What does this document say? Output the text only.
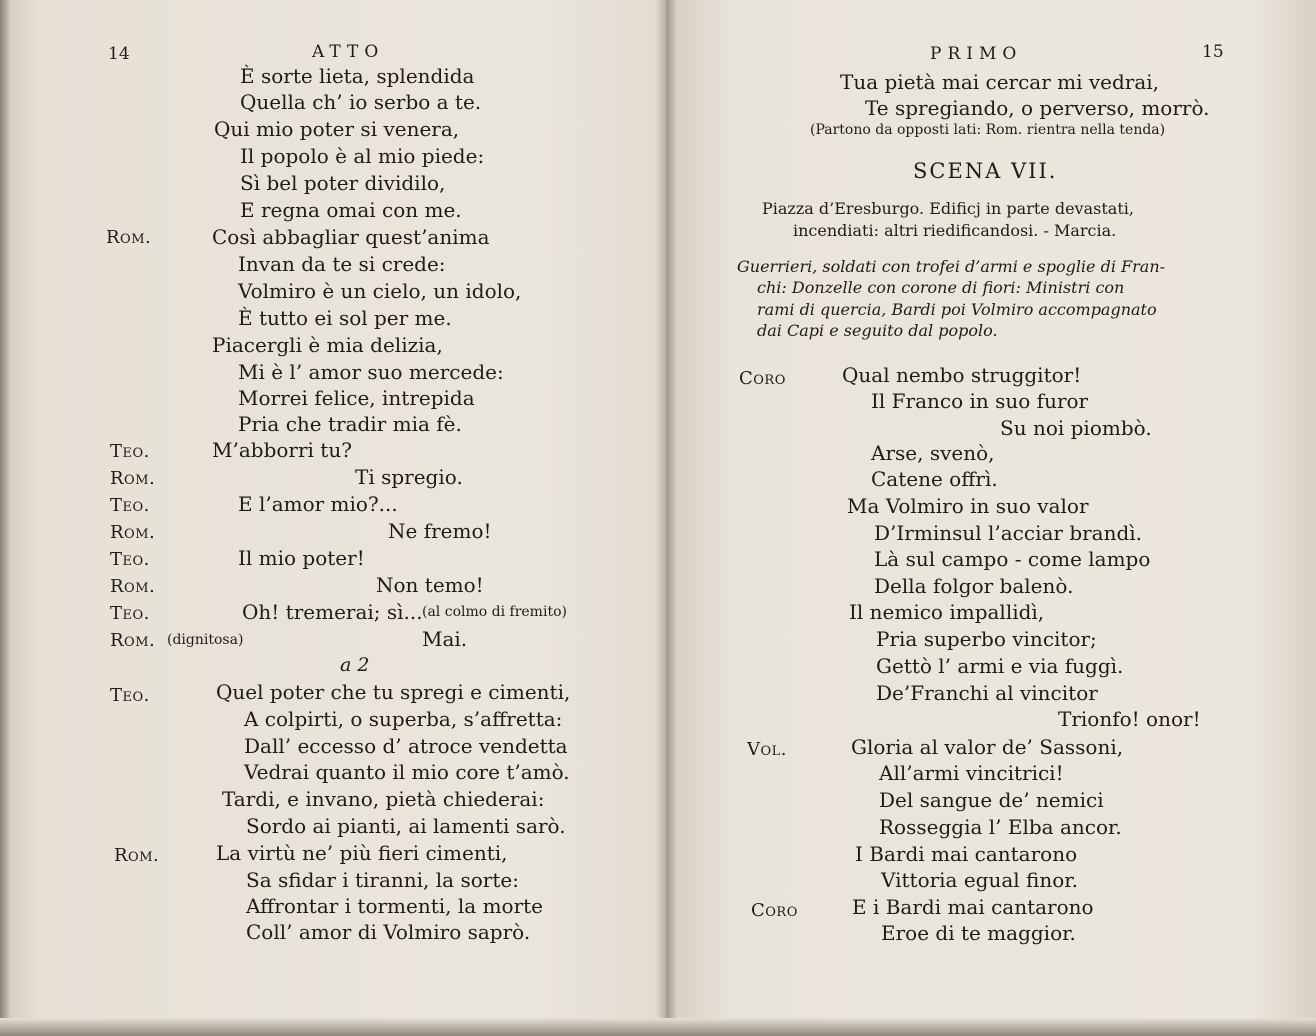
14	ATTO
È sorte lieta, splendida
Quella ch’ io serbo a te.
Qui mio poter si venera,
Il popolo è al mio piede:
Sì bel poter dividilo,
E regna omai con me.
Rom.	Così abbagliar quest’anima
Invan da te si crede:
Volmiro è un cielo, un idolo,
È tutto ei sol per me.
Piacergli è mia delizia,
Mi è l’ amor suo mercede:
Morrei felice, intrepida
Pria che tradir mia fè.
Teo.	M’abborri tu?
Rom.	Ti spregio.
Teo.	E l’amor mio?...
Rom.	Ne fremo!
Teo.	Il mio poter!
Rom.	Non temo!
Teo.	Oh! tremerai; sì... (al colmo di fremito)
Rom. (dignitosa)	Mai.
a 2
Teo.	Quel poter che tu spregi e cimenti,
A colpirti, o superba, s’affretta:
Dall’ eccesso d’ atroce vendetta
Vedrai quanto il mio core t’amò.
Tardi, e invano, pietà chiederai:
Sordo ai pianti, ai lamenti sarò.
Rom.	La virtù ne’ più fieri cimenti,
Sa sfidar i tiranni, la sorte:
Affrontar i tormenti, la morte
Coll’ amor di Volmiro saprò.
PRIMO	15
Tua pietà mai cercar mi vedrai,
Te spregiando, o perverso, morrò.
(Partono da opposti lati: Rom. rientra nella tenda)
SCENA VII.
Piazza d’Eresburgo. Edificj in parte devastati,
incendiati: altri riedificandosi. - Marcia.
Guerrieri, soldati con trofei d’armi e spoglie di Fran-
chi: Donzelle con corone di fiori: Ministri con
rami di quercia, Bardi poi Volmiro accompagnato
dai Capi e seguito dal popolo.
Coro	Qual nembo struggitor!
Il Franco in suo furor
Su noi piombò.
Arse, svenò,
Catene offrì.
Ma Volmiro in suo valor
D’Irminsul l’acciar brandì.
Là sul campo - come lampo
Della folgor balenò.
Il nemico impallidì,
Pria superbo vincitor;
Gettò l’ armi e via fuggì.
De’Franchi al vincitor
Trionfo! onor!
Vol.	Gloria al valor de’ Sassoni,
All’armi vincitrici!
Del sangue de’ nemici
Rosseggia l’ Elba ancor.
I Bardi mai cantarono
Vittoria egual finor.
Coro	E i Bardi mai cantarono
Eroe di te maggior.
